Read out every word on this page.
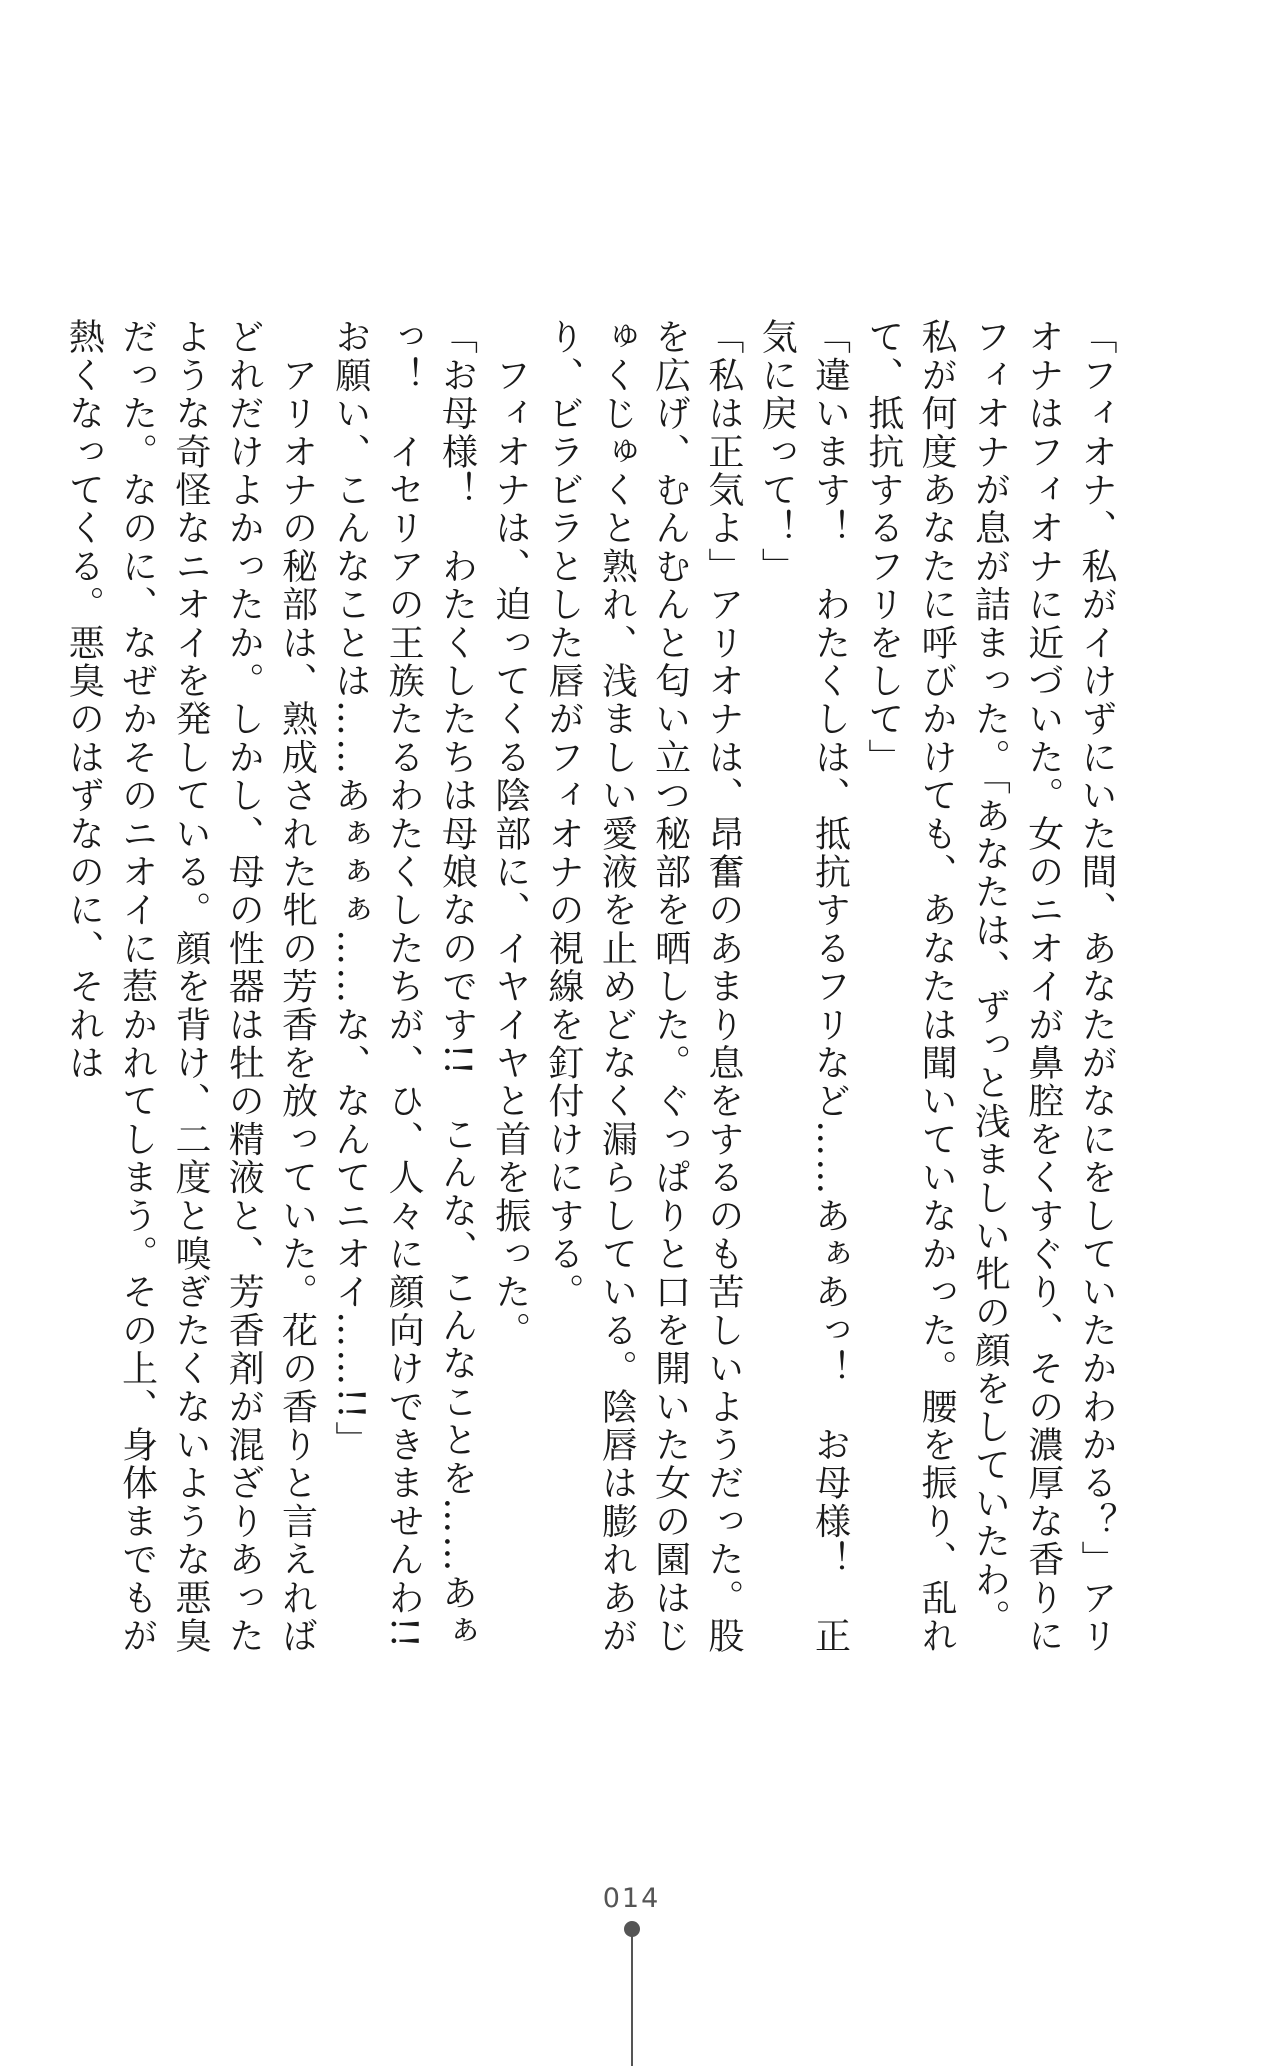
「フィオナ、私がイけずにいた間、あなたがなにをしていたかわかる？」アリオナはフィオナに近づいた。女のニオイが鼻腔をくすぐり、その濃厚な香りにフィオナが息が詰まった。「あなたは、ずっと浅ましい牝の顔をしていたわ。私が何度あなたに呼びかけても、あなたは聞いていなかった。腰を振り、乱れて、抵抗するフリをして」

「違います！　わたくしは、抵抗するフリなど……あぁあっ！　お母様！　正気に戻って！」

「私は正気よ」アリオナは、昂奮のあまり息をするのも苦しいようだった。股を広げ、むんむんと匂い立つ秘部を晒した。ぐっぱりと口を開いた女の園はじゅくじゅくと熟れ、浅ましい愛液を止めどなく漏らしている。陰唇は膨れあがり、ビラビラとした唇がフィオナの視線を釘付けにする。

　フィオナは、迫ってくる陰部に、イヤイヤと首を振った。

「お母様！　わたくしたちは母娘なのです!!　こんな、こんなことを……あぁっ！　イセリアの王族たるわたくしたちが、ひ、人々に顔向けできませんわ!!　お願い、こんなことは……あぁぁぁ……な、なんてニオイ……!!」

　アリオナの秘部は、熟成された牝の芳香を放っていた。花の香りと言えればどれだけよかったか。しかし、母の性器は牡の精液と、芳香剤が混ざりあったような奇怪なニオイを発している。顔を背け、二度と嗅ぎたくないような悪臭だった。なのに、なぜかそのニオイに惹かれてしまう。その上、身体までもが熱くなってくる。悪臭のはずなのに、それは

014
